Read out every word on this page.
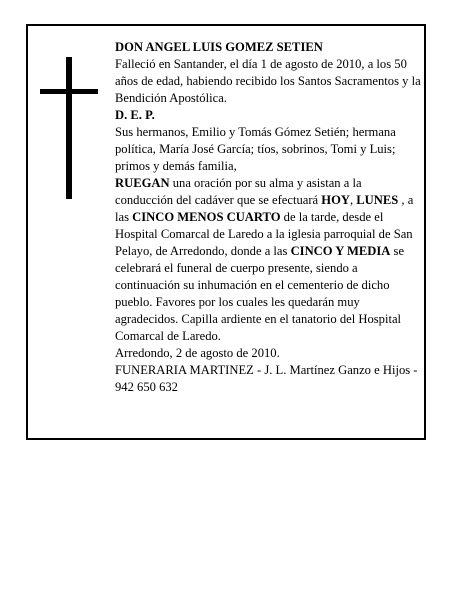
DON ANGEL LUIS GOMEZ SETIEN

Falleció en Santander, el día 1 de agosto de 2010, a los 50 años de edad, habiendo recibido los Santos Sacramentos y la Bendición Apostólica.

D. E. P.

Sus hermanos, Emilio y Tomás Gómez Setién; hermana política, María José García; tíos, sobrinos, Tomi y Luis; primos y demás familia,

RUEGAN una oración por su alma y asistan a la conducción del cadáver que se efectuará HOY, LUNES , a las CINCO MENOS CUARTO de la tarde, desde el Hospital Comarcal de Laredo a la iglesia parroquial de San Pelayo, de Arredondo, donde a las CINCO Y MEDIA se celebrará el funeral de cuerpo presente, siendo a continuación su inhumación en el cementerio de dicho pueblo. Favores por los cuales les quedarán muy agradecidos. Capilla ardiente en el tanatorio del Hospital Comarcal de Laredo.

Arredondo, 2 de agosto de 2010.

FUNERARIA MARTINEZ - J. L. Martínez Ganzo e Hijos - 942 650 632
